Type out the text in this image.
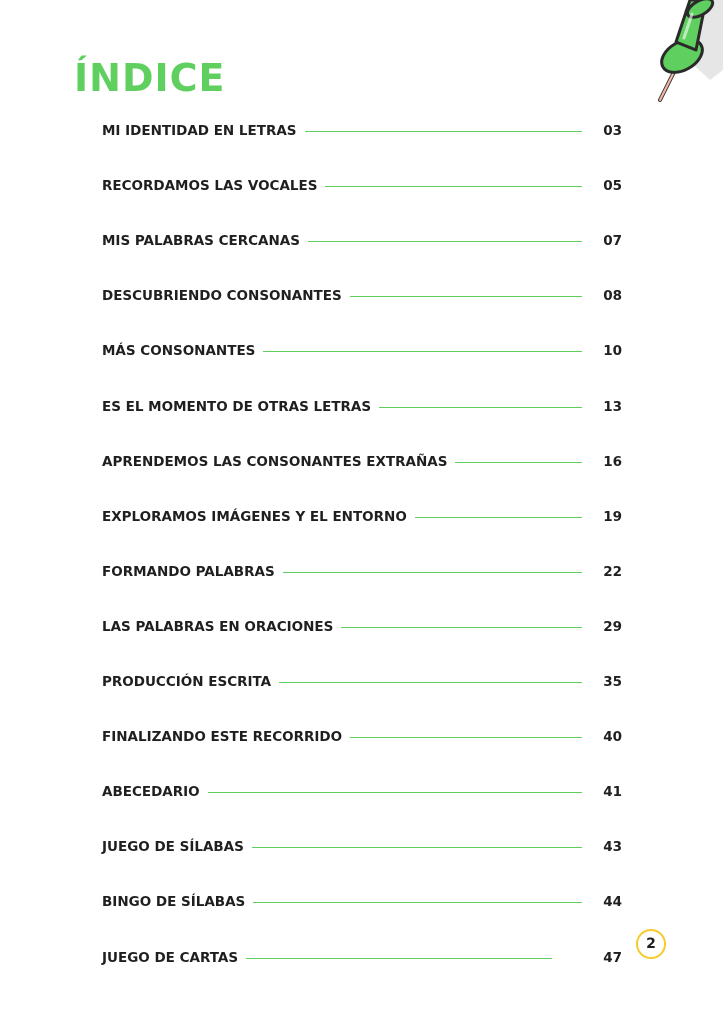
ÍNDICE
MI IDENTIDAD EN LETRAS	03
RECORDAMOS LAS VOCALES	05
MIS PALABRAS CERCANAS	07
DESCUBRIENDO CONSONANTES	08
MÁS CONSONANTES	10
ES EL MOMENTO DE OTRAS LETRAS	13
APRENDEMOS LAS CONSONANTES EXTRAÑAS	16
EXPLORAMOS IMÁGENES Y EL ENTORNO	19
FORMANDO PALABRAS	22
LAS PALABRAS EN ORACIONES	29
PRODUCCIÓN ESCRITA	35
FINALIZANDO ESTE RECORRIDO	40
ABECEDARIO	41
JUEGO DE SÍLABAS	43
BINGO DE SÍLABAS	44
JUEGO DE CARTAS	47
2
